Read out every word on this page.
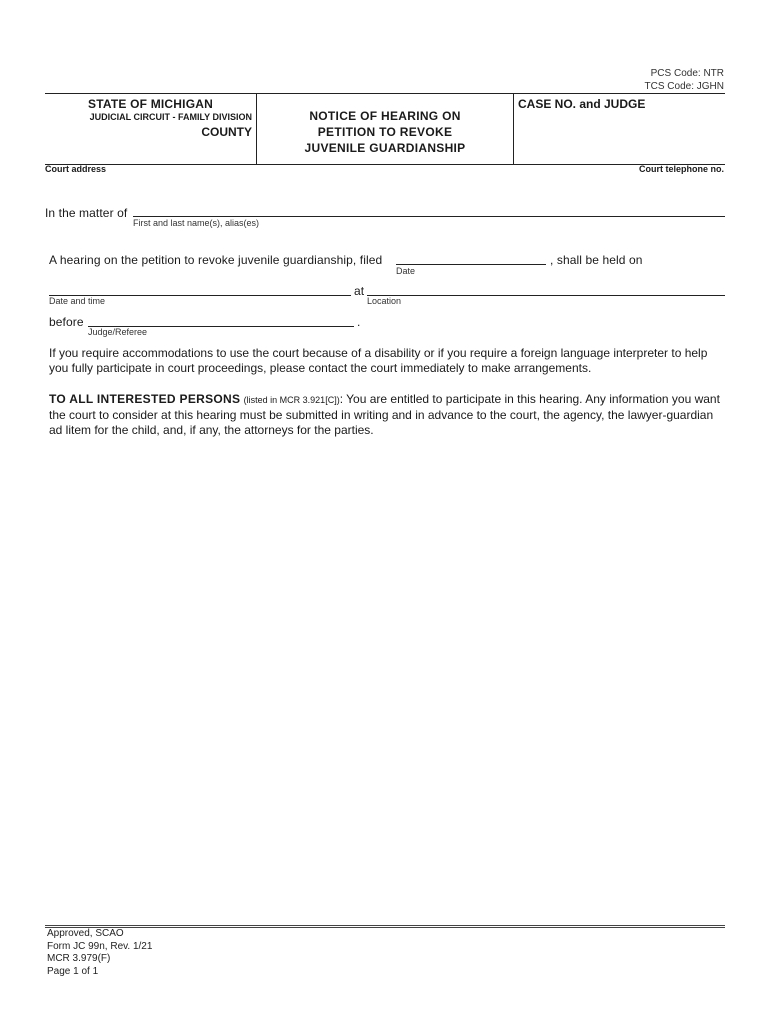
PCS Code: NTR
TCS Code: JGHN
STATE OF MICHIGAN
JUDICIAL CIRCUIT - FAMILY DIVISION
COUNTY
NOTICE OF HEARING ON
PETITION TO REVOKE
JUVENILE GUARDIANSHIP
CASE NO. and JUDGE
Court address	Court telephone no.
In the matter of
First and last name(s), alias(es)
A hearing on the petition to revoke juvenile guardianship, filed
Date
, shall be held on
Date and time
at
Location
before	.
Judge/Referee
If you require accommodations to use the court because of a disability or if you require a foreign language interpreter to help you fully participate in court proceedings, please contact the court immediately to make arrangements.
TO ALL INTERESTED PERSONS (listed in MCR 3.921[C]): You are entitled to participate in this hearing. Any information you want the court to consider at this hearing must be submitted in writing and in advance to the court, the agency, the lawyer-guardian ad litem for the child, and, if any, the attorneys for the parties.
Approved, SCAO
Form JC 99n, Rev. 1/21
MCR 3.979(F)
Page 1 of 1
